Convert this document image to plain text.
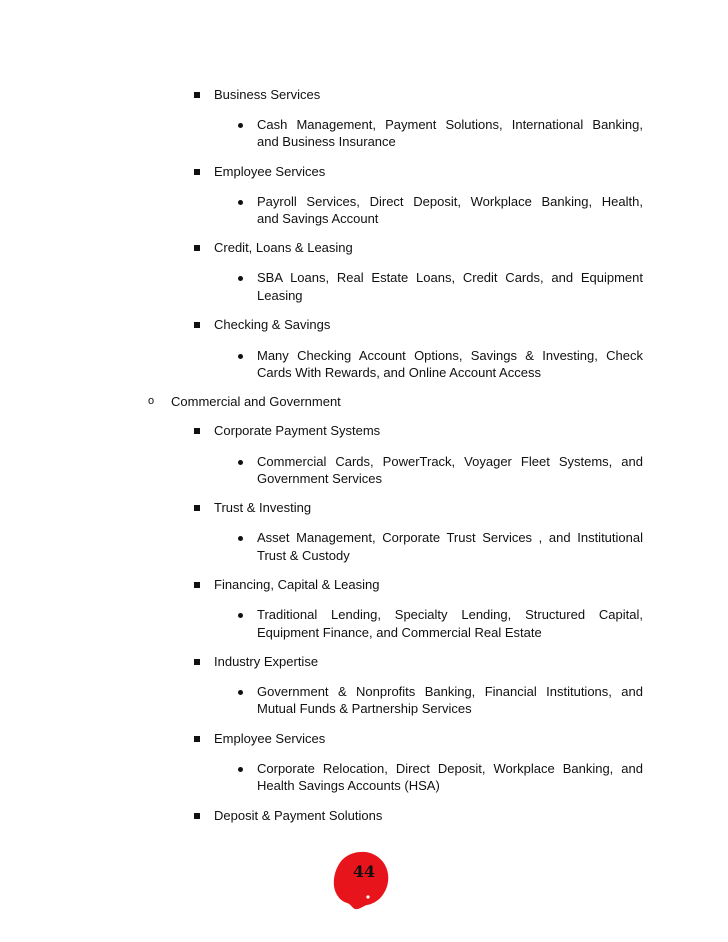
Business Services
Cash Management, Payment Solutions, International Banking,
and Business Insurance
Employee Services
Payroll Services, Direct Deposit, Workplace Banking, Health,
and Savings Account
Credit, Loans & Leasing
SBA Loans, Real Estate Loans, Credit Cards, and Equipment
Leasing
Checking & Savings
Many Checking Account Options, Savings & Investing, Check
Cards With Rewards, and Online Account Access
o Commercial and Government
Corporate Payment Systems
Commercial Cards, PowerTrack, Voyager Fleet Systems, and
Government Services
Trust & Investing
Asset Management, Corporate Trust Services , and Institutional
Trust & Custody
Financing, Capital & Leasing
Traditional Lending, Specialty Lending, Structured Capital,
Equipment Finance, and Commercial Real Estate
Industry Expertise
Government & Nonprofits Banking, Financial Institutions, and
Mutual Funds & Partnership Services
Employee Services
Corporate Relocation, Direct Deposit, Workplace Banking, and
Health Savings Accounts (HSA)
Deposit & Payment Solutions
44
